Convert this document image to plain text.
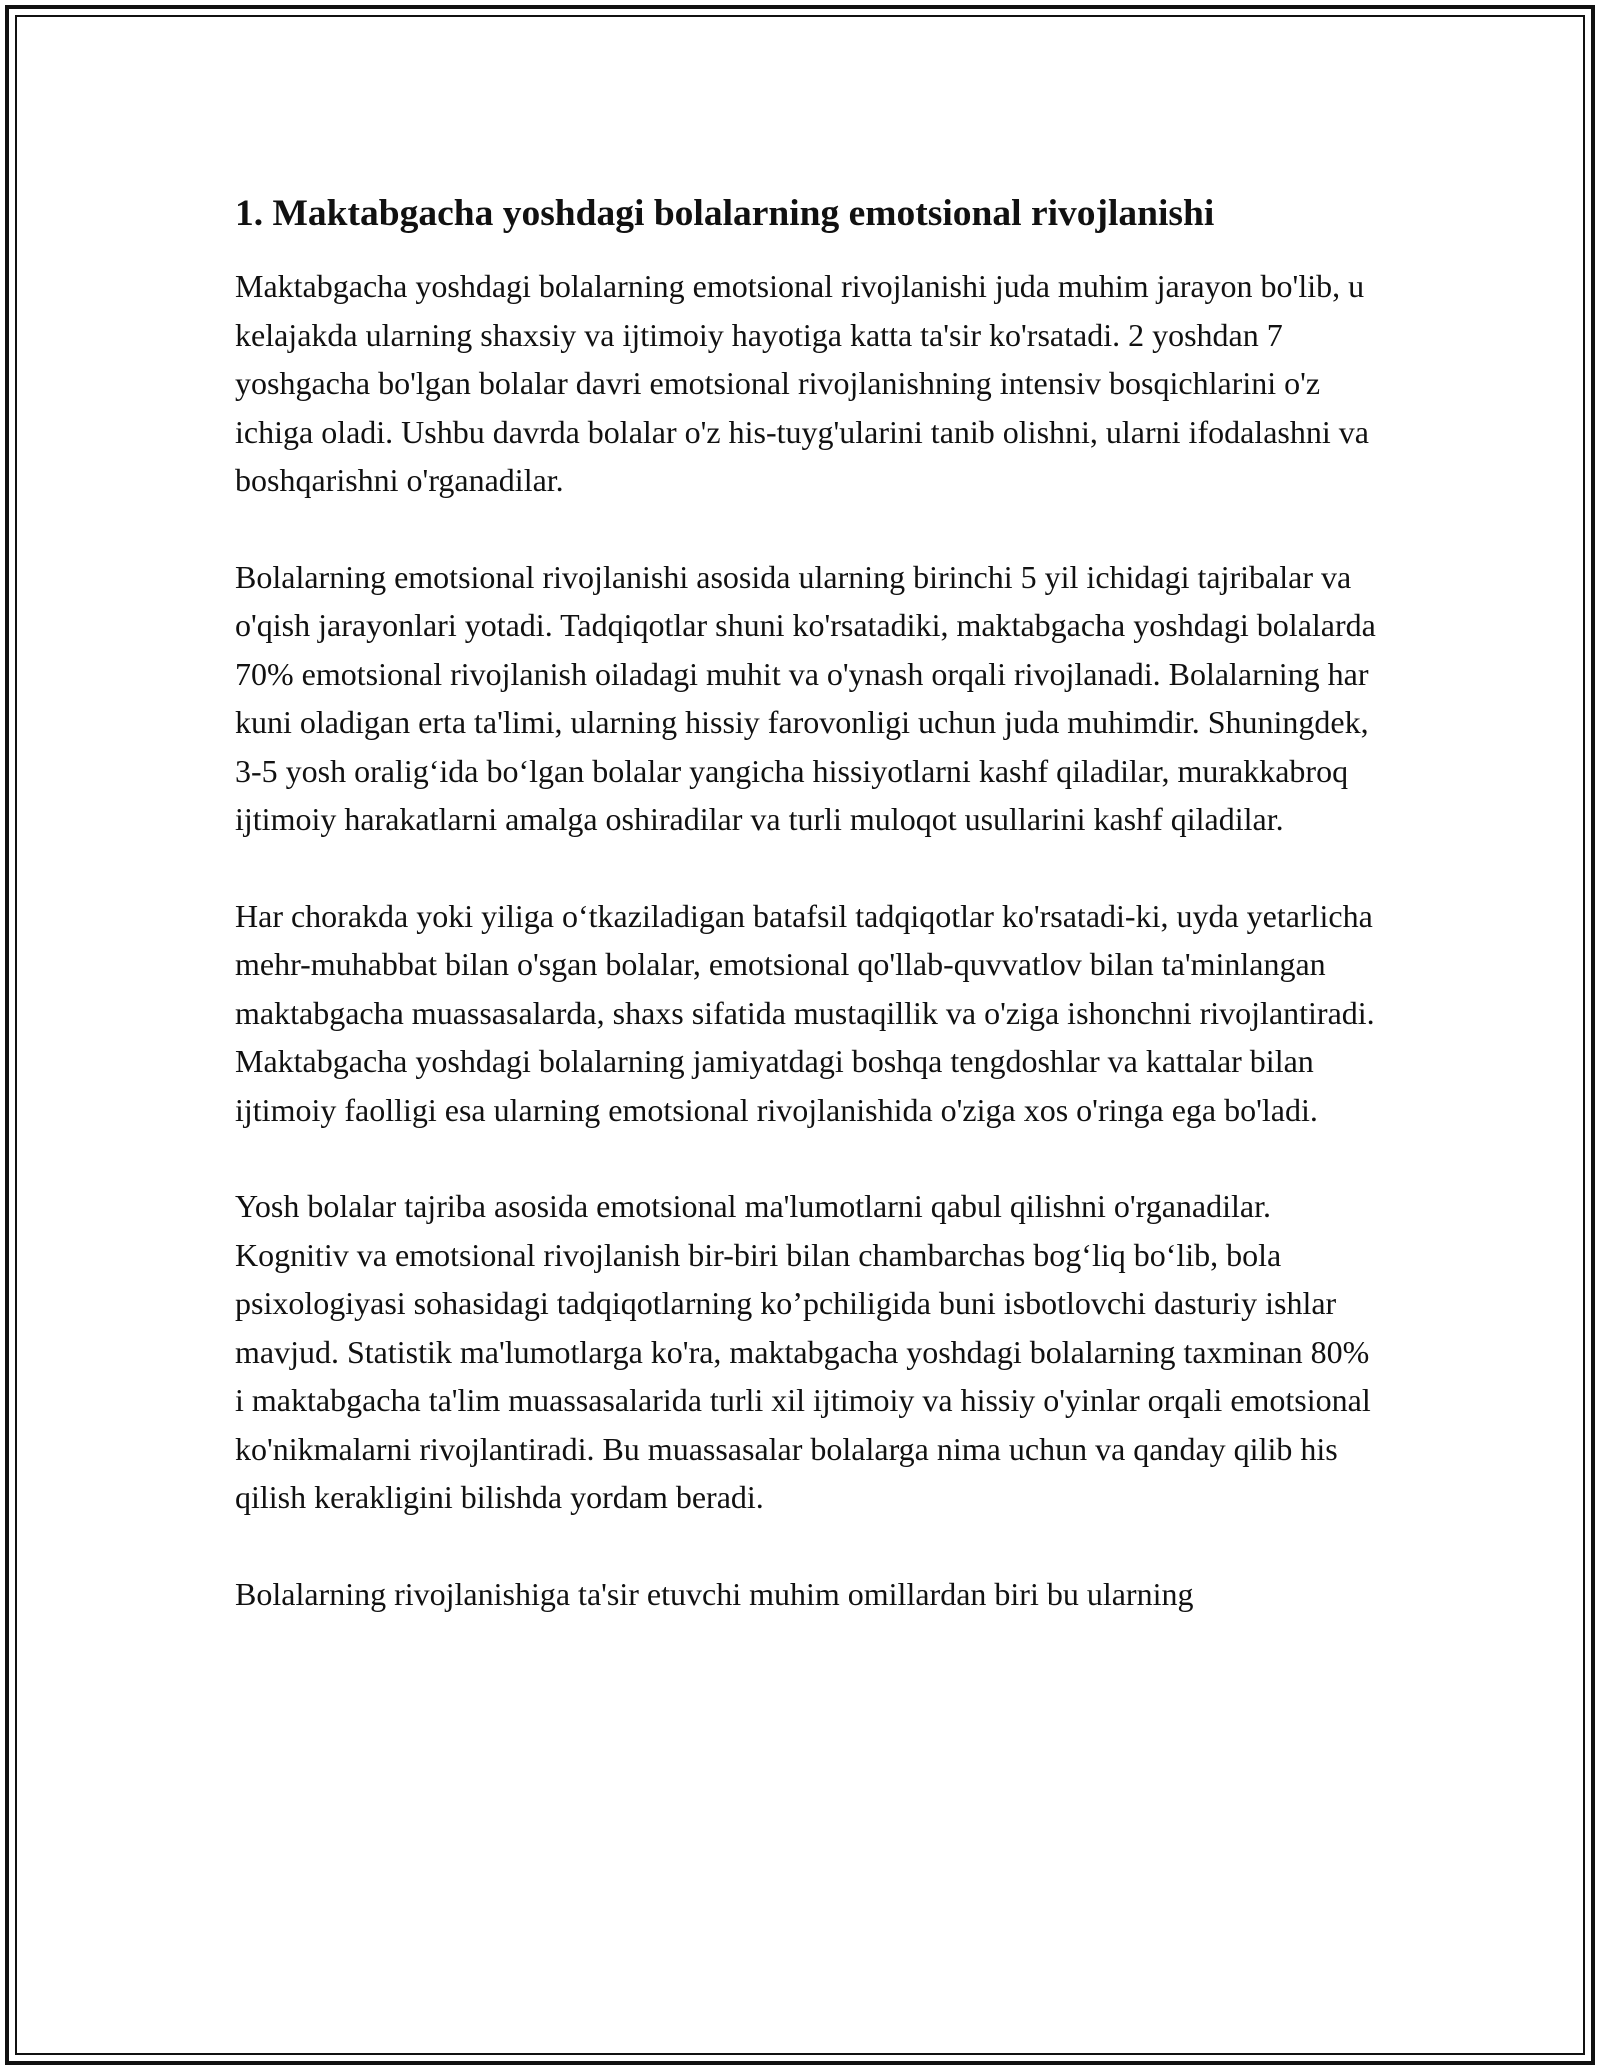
1. Maktabgacha yoshdagi bolalarning emotsional rivojlanishi

Maktabgacha yoshdagi bolalarning emotsional rivojlanishi juda muhim jarayon bo'lib, u kelajakda ularning shaxsiy va ijtimoiy hayotiga katta ta'sir ko'rsatadi. 2 yoshdan 7 yoshgacha bo'lgan bolalar davri emotsional rivojlanishning intensiv bosqichlarini o'z ichiga oladi. Ushbu davrda bolalar o'z his-tuyg'ularini tanib olishni, ularni ifodalashni va boshqarishni o'rganadilar.

Bolalarning emotsional rivojlanishi asosida ularning birinchi 5 yil ichidagi tajribalar va o'qish jarayonlari yotadi. Tadqiqotlar shuni ko'rsatadiki, maktabgacha yoshdagi bolalarda 70% emotsional rivojlanish oiladagi muhit va o'ynash orqali rivojlanadi. Bolalarning har kuni oladigan erta ta'limi, ularning hissiy farovonligi uchun juda muhimdir. Shuningdek, 3-5 yosh oralig‘ida bo‘lgan bolalar yangicha hissiyotlarni kashf qiladilar, murakkabroq ijtimoiy harakatlarni amalga oshiradilar va turli muloqot usullarini kashf qiladilar.

Har chorakda yoki yiliga o‘tkaziladigan batafsil tadqiqotlar ko'rsatadi-ki, uyda yetarlicha mehr-muhabbat bilan o'sgan bolalar, emotsional qo'llab-quvvatlov bilan ta'minlangan maktabgacha muassasalarda, shaxs sifatida mustaqillik va o'ziga ishonchni rivojlantiradi. Maktabgacha yoshdagi bolalarning jamiyatdagi boshqa tengdoshlar va kattalar bilan ijtimoiy faolligi esa ularning emotsional rivojlanishida o'ziga xos o'ringa ega bo'ladi.

Yosh bolalar tajriba asosida emotsional ma'lumotlarni qabul qilishni o'rganadilar. Kognitiv va emotsional rivojlanish bir-biri bilan chambarchas bog‘liq bo‘lib, bola psixologiyasi sohasidagi tadqiqotlarning ko’pchiligida buni isbotlovchi dasturiy ishlar mavjud. Statistik ma'lumotlarga ko'ra, maktabgacha yoshdagi bolalarning taxminan 80% i maktabgacha ta'lim muassasalarida turli xil ijtimoiy va hissiy o'yinlar orqali emotsional ko'nikmalarni rivojlantiradi. Bu muassasalar bolalarga nima uchun va qanday qilib his qilish kerakligini bilishda yordam beradi.

Bolalarning rivojlanishiga ta'sir etuvchi muhim omillardan biri bu ularning
